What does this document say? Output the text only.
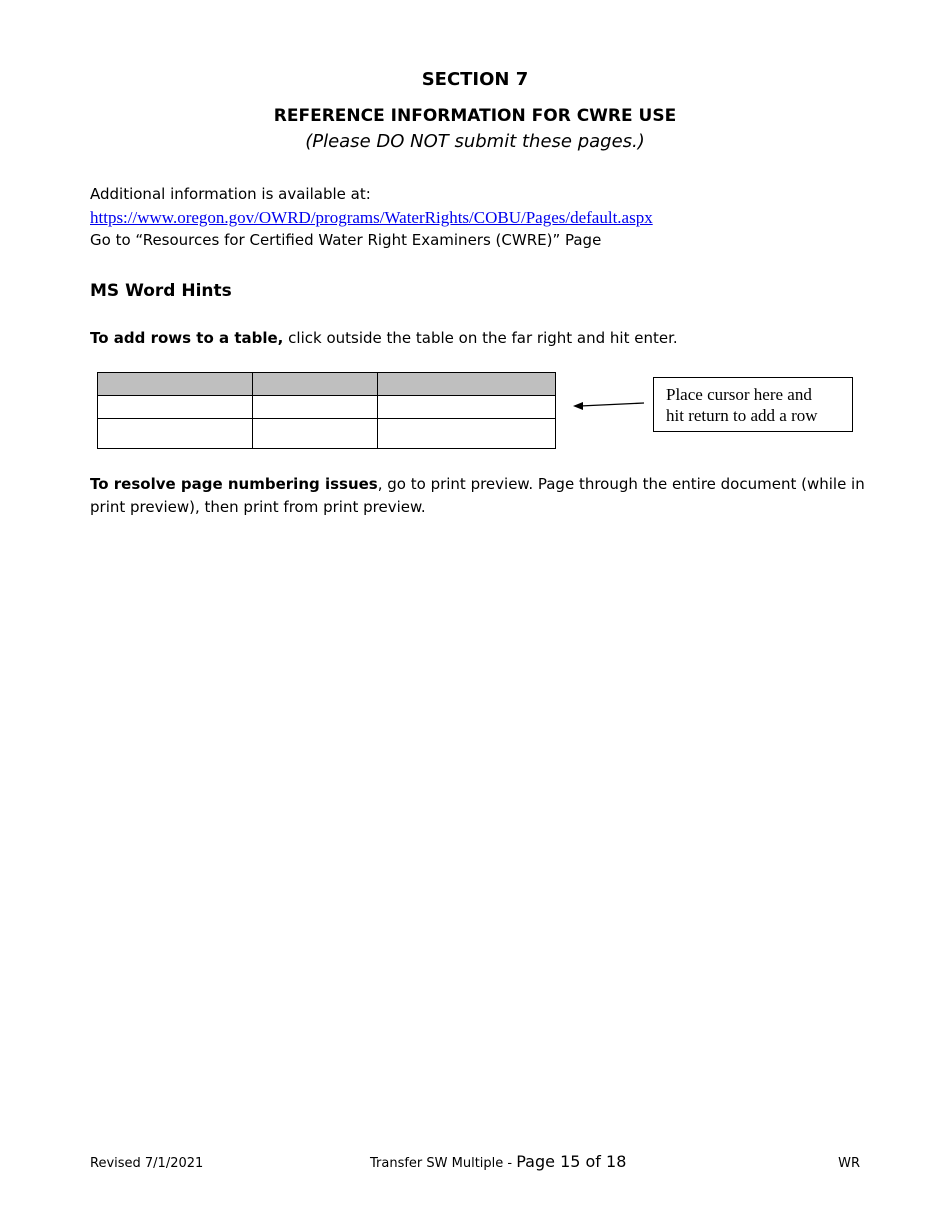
SECTION 7
REFERENCE INFORMATION FOR CWRE USE
(Please DO NOT submit these pages.)
Additional information is available at:
https://www.oregon.gov/OWRD/programs/WaterRights/COBU/Pages/default.aspx
Go to “Resources for Certified Water Right Examiners (CWRE)” Page
MS Word Hints
To add rows to a table, click outside the table on the far right and hit enter.

Place cursor here and
hit return to add a row
To resolve page numbering issues, go to print preview. Page through the entire document (while in print preview), then print from print preview.
Revised 7/1/2021	Transfer SW Multiple - Page 15 of 18	WR
